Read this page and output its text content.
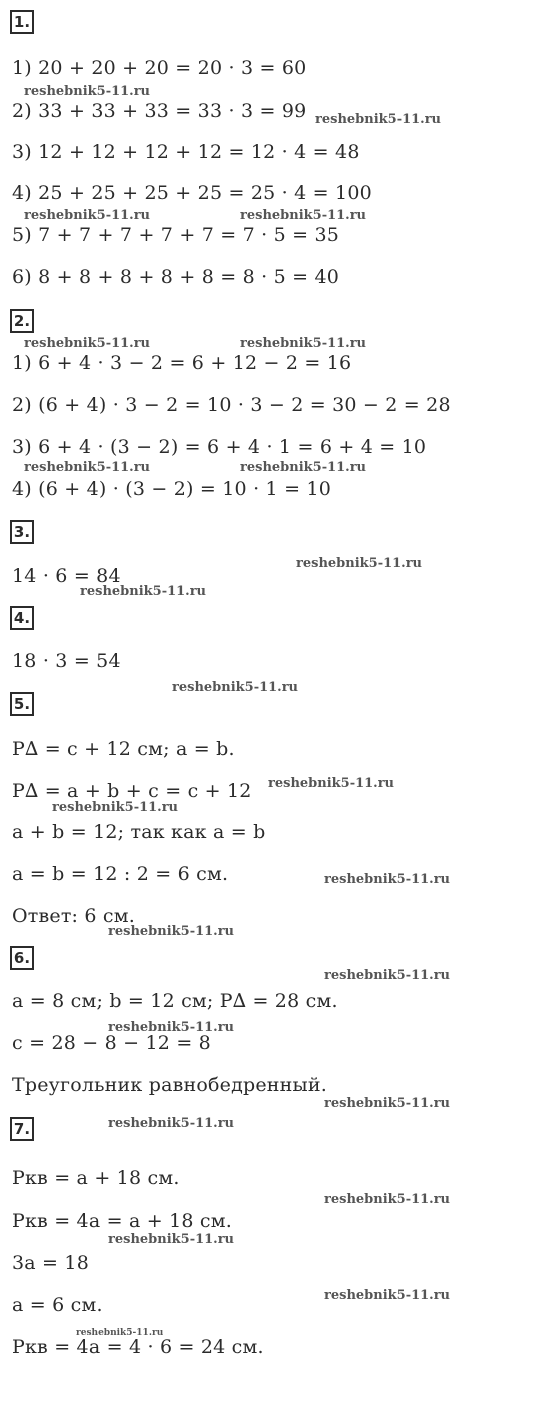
1.
1) 20 + 20 + 20 = 20 · 3 = 60
2) 33 + 33 + 33 = 33 · 3 = 99
3) 12 + 12 + 12 + 12 = 12 · 4 = 48
4) 25 + 25 + 25 + 25 = 25 · 4 = 100
5) 7 + 7 + 7 + 7 + 7 = 7 · 5 = 35
6) 8 + 8 + 8 + 8 + 8 = 8 · 5 = 40
2.
1) 6 + 4 · 3 − 2 = 6 + 12 − 2 = 16
2) (6 + 4) · 3 − 2 = 10 · 3 − 2 = 30 − 2 = 28
3) 6 + 4 · (3 − 2) = 6 + 4 · 1 = 6 + 4 = 10
4) (6 + 4) · (3 − 2) = 10 · 1 = 10
3.
14 · 6 = 84
4.
18 · 3 = 54
5.
P∆ = c + 12 см; a = b.
P∆ = a + b + c = c + 12
a + b = 12; так как a = b
a = b = 12 : 2 = 6 см.
Ответ: 6 см.
6.
a = 8 см; b = 12 см; P∆ = 28 см.
c = 28 − 8 − 12 = 8
Треугольник равнобедренный.
7.
Pкв = a + 18 см.
Pкв = 4a = a + 18 см.
3a = 18
a = 6 см.
Pкв = 4a = 4 · 6 = 24 см.
reshebnik5-11.ru
reshebnik5-11.ru
reshebnik5-11.ru	reshebnik5-11.ru
reshebnik5-11.ru	reshebnik5-11.ru
reshebnik5-11.ru	reshebnik5-11.ru
reshebnik5-11.ru
reshebnik5-11.ru
reshebnik5-11.ru
reshebnik5-11.ru
reshebnik5-11.ru
reshebnik5-11.ru
reshebnik5-11.ru
reshebnik5-11.ru
reshebnik5-11.ru
reshebnik5-11.ru
reshebnik5-11.ru
reshebnik5-11.ru
reshebnik5-11.ru
reshebnik5-11.ru
reshebnik5-11.ru
